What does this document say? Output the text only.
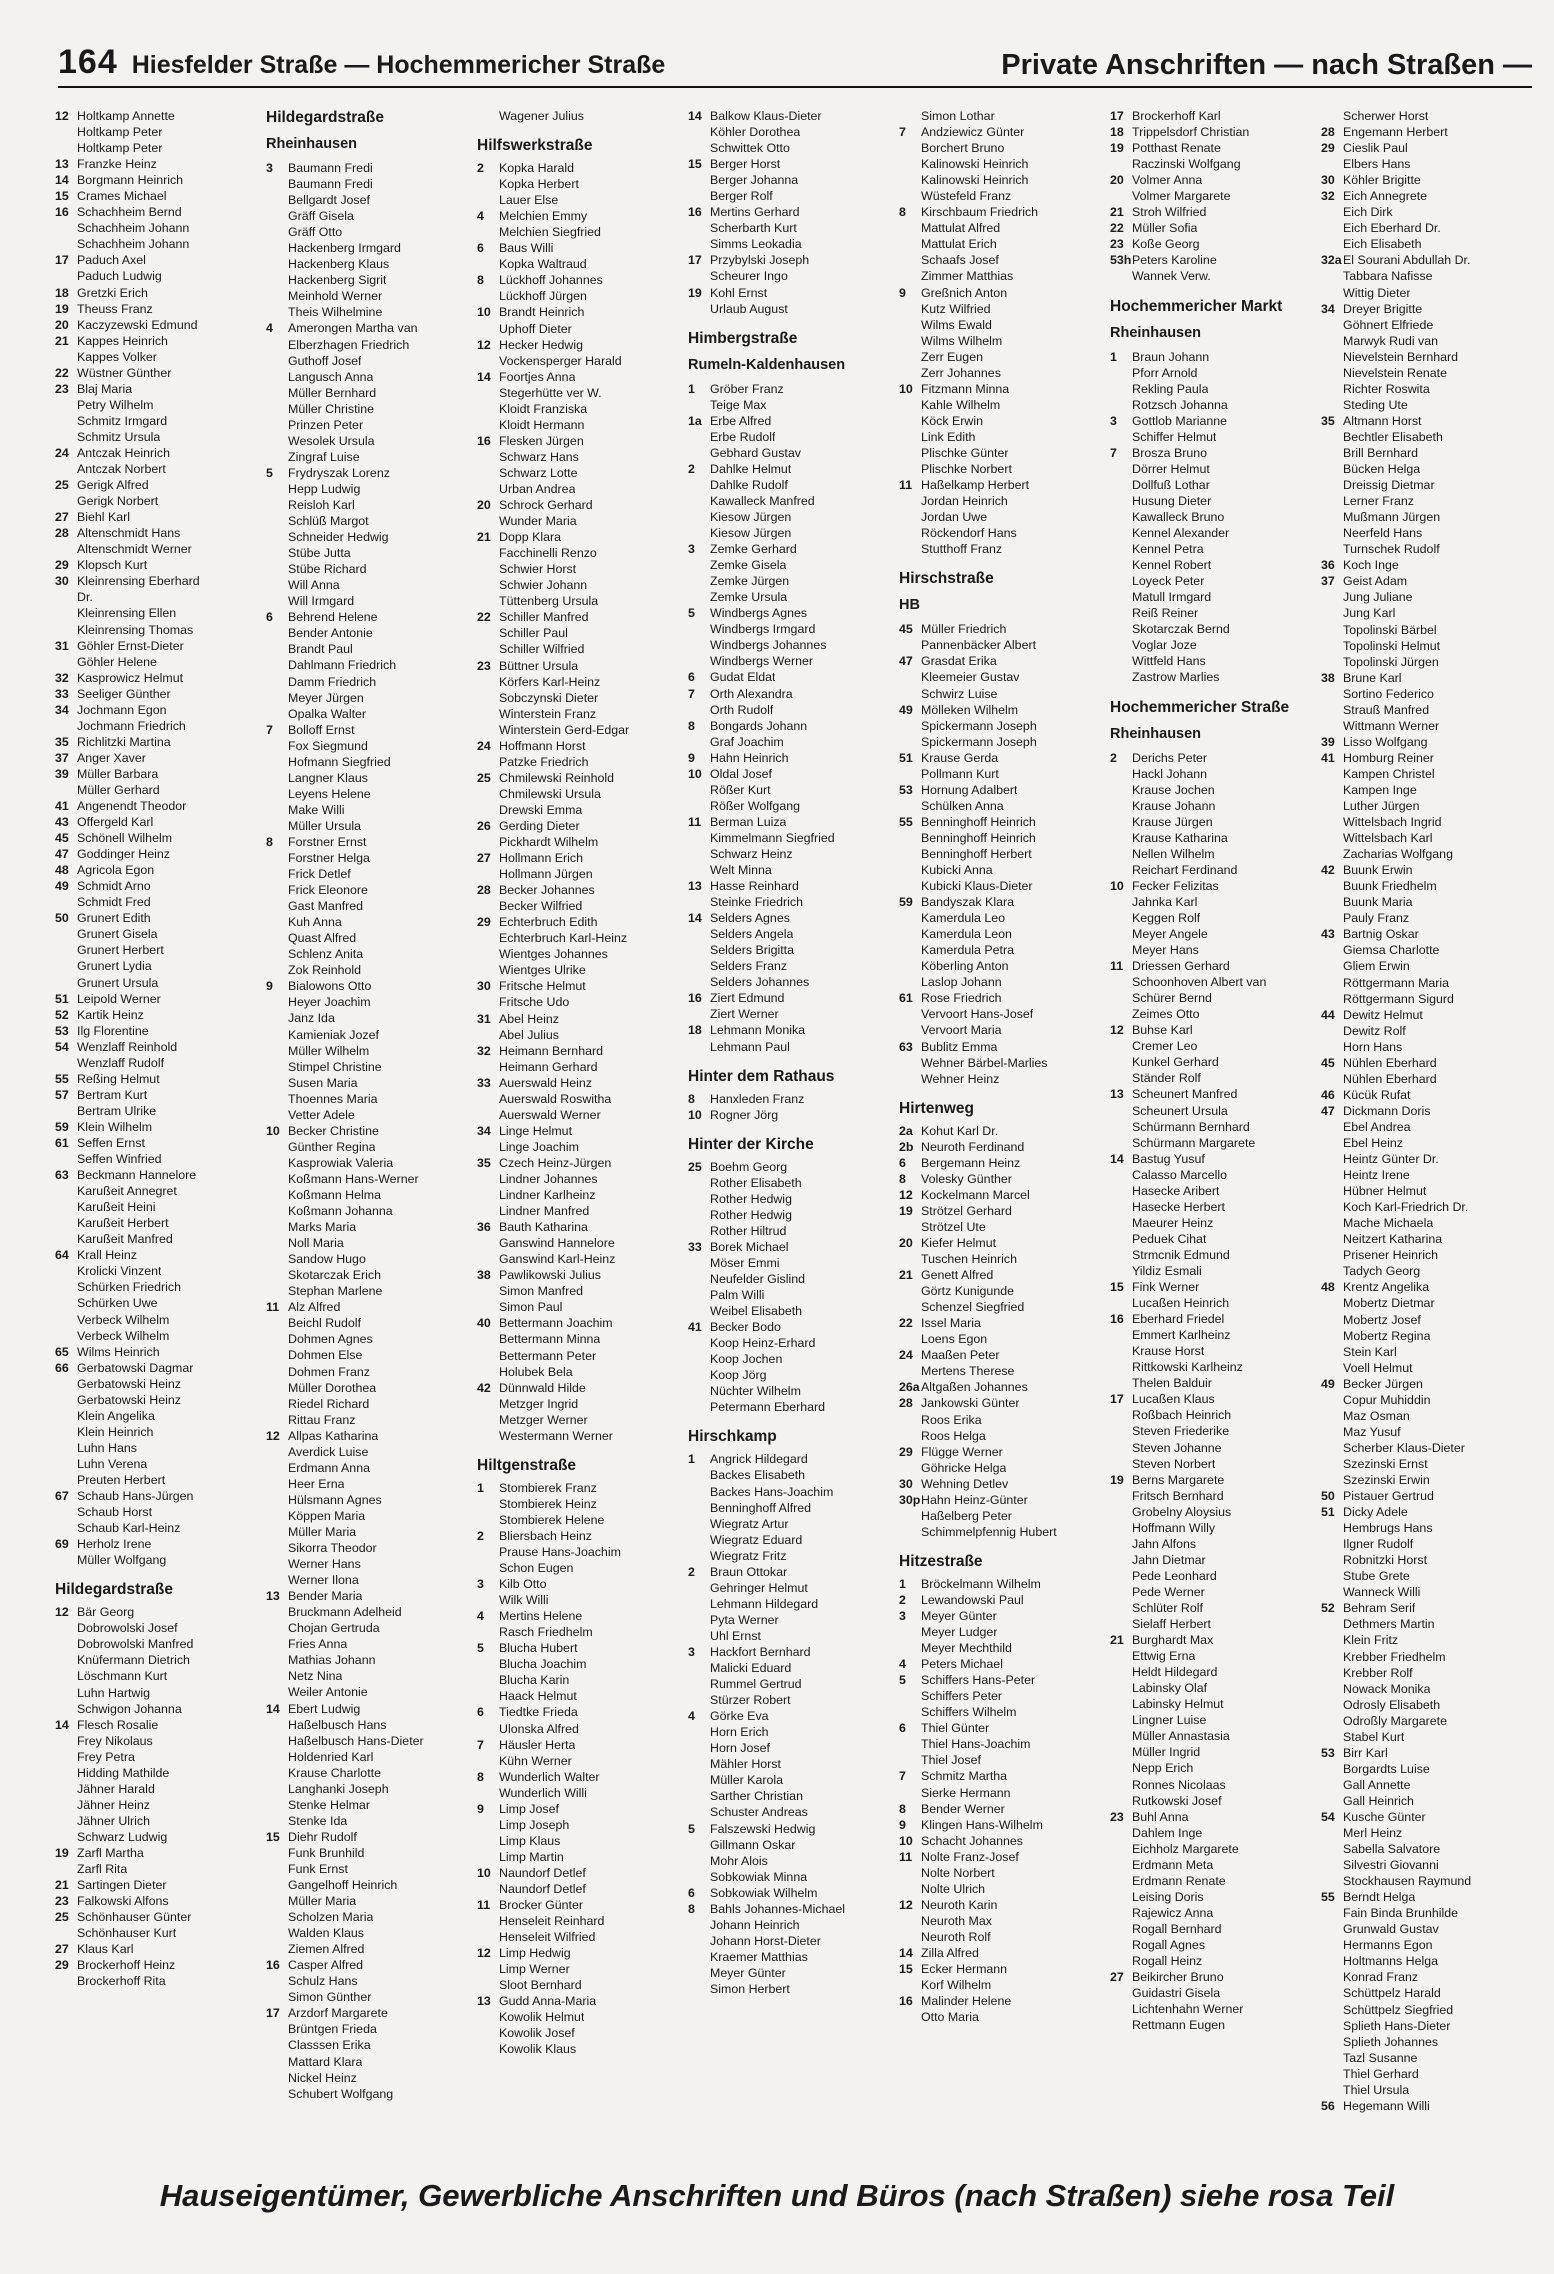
164 Hiesfelder Straße — Hochemmericher Straße	Private Anschriften — nach Straßen —
12 Holtkamp Annette
Holtkamp Peter
Holtkamp Peter
13 Franzke Heinz
14 Borgmann Heinrich
15 Crames Michael
16 Schachheim Bernd
Schachheim Johann
Schachheim Johann
17 Paduch Axel
Paduch Ludwig
18 Gretzki Erich
19 Theuss Franz
20 Kaczyzewski Edmund
21 Kappes Heinrich
Kappes Volker
22 Wüstner Günther
23 Blaj Maria
Petry Wilhelm
Schmitz Irmgard
Schmitz Ursula
24 Antczak Heinrich
Antczak Norbert
25 Gerigk Alfred
Gerigk Norbert
27 Biehl Karl
28 Altenschmidt Hans
Altenschmidt Werner
29 Klopsch Kurt
30 Kleinrensing Eberhard
Dr.
Kleinrensing Ellen
Kleinrensing Thomas
31 Göhler Ernst-Dieter
Göhler Helene
32 Kasprowicz Helmut
33 Seeliger Günther
34 Jochmann Egon
Jochmann Friedrich
35 Richlitzki Martina
37 Anger Xaver
39 Müller Barbara
Müller Gerhard
41 Angenendt Theodor
43 Offergeld Karl
45 Schönell Wilhelm
47 Goddinger Heinz
48 Agricola Egon
49 Schmidt Arno
Schmidt Fred
50 Grunert Edith
Grunert Gisela
Grunert Herbert
Grunert Lydia
Grunert Ursula
51 Leipold Werner
52 Kartik Heinz
53 Ilg Florentine
54 Wenzlaff Reinhold
Wenzlaff Rudolf
55 Reßing Helmut
57 Bertram Kurt
Bertram Ulrike
59 Klein Wilhelm
61 Seffen Ernst
Seffen Winfried
63 Beckmann Hannelore
Karußeit Annegret
Karußeit Heini
Karußeit Herbert
Karußeit Manfred
64 Krall Heinz
Krolicki Vinzent
Schürken Friedrich
Schürken Uwe
Verbeck Wilhelm
Verbeck Wilhelm
65 Wilms Heinrich
66 Gerbatowski Dagmar
Gerbatowski Heinz
Gerbatowski Heinz
Klein Angelika
Klein Heinrich
Luhn Hans
Luhn Verena
Preuten Herbert
67 Schaub Hans-Jürgen
Schaub Horst
Schaub Karl-Heinz
69 Herholz Irene
Müller Wolfgang
Hildegardstraße
12 Bär Georg
Dobrowolski Josef
Dobrowolski Manfred
Knüfermann Dietrich
Löschmann Kurt
Luhn Hartwig
Schwigon Johanna
14 Flesch Rosalie
Frey Nikolaus
Frey Petra
Hidding Mathilde
Jähner Harald
Jähner Heinz
Jähner Ulrich
Schwarz Ludwig
19 Zarfl Martha
Zarfl Rita
21 Sartingen Dieter
23 Falkowski Alfons
25 Schönhauser Günter
Schönhauser Kurt
27 Klaus Karl
29 Brockerhoff Heinz
Brockerhoff Rita
Hildegardstraße
Rheinhausen
3	Baumann Fredi
Baumann Fredi
Bellgardt Josef
Gräff Gisela
Gräff Otto
Hackenberg Irmgard
Hackenberg Klaus
Hackenberg Sigrit
Meinhold Werner
Theis Wilhelmine
4	Amerongen Martha van
Elberzhagen Friedrich
Guthoff Josef
Langusch Anna
Müller Bernhard
Müller Christine
Prinzen Peter
Wesolek Ursula
Zingraf Luise
5	Frydryszak Lorenz
Hepp Ludwig
Reisloh Karl
Schlüß Margot
Schneider Hedwig
Stübe Jutta
Stübe Richard
Will Anna
Will Irmgard
6	Behrend Helene
Bender Antonie
Brandt Paul
Dahlmann Friedrich
Damm Friedrich
Meyer Jürgen
Opalka Walter
7	Bolloff Ernst
Fox Siegmund
Hofmann Siegfried
Langner Klaus
Leyens Helene
Make Willi
Müller Ursula
8	Forstner Ernst
Forstner Helga
Frick Detlef
Frick Eleonore
Gast Manfred
Kuh Anna
Quast Alfred
Schlenz Anita
Zok Reinhold
9	Bialowons Otto
Heyer Joachim
Janz Ida
Kamieniak Jozef
Müller Wilhelm
Stimpel Christine
Susen Maria
Thoennes Maria
Vetter Adele
10 Becker Christine
Günther Regina
Kasprowiak Valeria
Koßmann Hans-Werner
Koßmann Helma
Koßmann Johanna
Marks Maria
Noll Maria
Sandow Hugo
Skotarczak Erich
Stephan Marlene
11 Alz Alfred
Beichl Rudolf
Dohmen Agnes
Dohmen Else
Dohmen Franz
Müller Dorothea
Riedel Richard
Rittau Franz
12 Allpas Katharina
Averdick Luise
Erdmann Anna
Heer Erna
Hülsmann Agnes
Köppen Maria
Müller Maria
Sikorra Theodor
Werner Hans
Werner Ilona
13 Bender Maria
Bruckmann Adelheid
Chojan Gertruda
Fries Anna
Mathias Johann
Netz Nina
Weiler Antonie
14 Ebert Ludwig
Haßelbusch Hans
Haßelbusch Hans-Dieter
Holdenried Karl
Krause Charlotte
Langhanki Joseph
Stenke Helmar
Stenke Ida
15 Diehr Rudolf
Funk Brunhild
Funk Ernst
Gangelhoff Heinrich
Müller Maria
Scholzen Maria
Walden Klaus
Ziemen Alfred
16 Casper Alfred
Schulz Hans
Simon Günther
17 Arzdorf Margarete
Brüntgen Frieda
Classsen Erika
Mattard Klara
Nickel Heinz
Schubert Wolfgang
Wagener Julius
Hilfswerkstraße
2	Kopka Harald
Kopka Herbert
Lauer Else
4	Melchien Emmy
Melchien Siegfried
6	Baus Willi
Kopka Waltraud
8	Lückhoff Johannes
Lückhoff Jürgen
10 Brandt Heinrich
Uphoff Dieter
12 Hecker Hedwig
Vockensperger Harald
14 Foortjes Anna
Stegerhütte ver W.
Kloidt Franziska
Kloidt Hermann
16 Flesken Jürgen
Schwarz Hans
Schwarz Lotte
Urban Andrea
20 Schrock Gerhard
Wunder Maria
21 Dopp Klara
Facchinelli Renzo
Schwier Horst
Schwier Johann
Tüttenberg Ursula
22 Schiller Manfred
Schiller Paul
Schiller Wilfried
23 Büttner Ursula
Körfers Karl-Heinz
Sobczynski Dieter
Winterstein Franz
Winterstein Gerd-Edgar
24 Hoffmann Horst
Patzke Friedrich
25 Chmilewski Reinhold
Chmilewski Ursula
Drewski Emma
26 Gerding Dieter
Pickhardt Wilhelm
27 Hollmann Erich
Hollmann Jürgen
28 Becker Johannes
Becker Wilfried
29 Echterbruch Edith
Echterbruch Karl-Heinz
Wientges Johannes
Wientges Ulrike
30 Fritsche Helmut
Fritsche Udo
31 Abel Heinz
Abel Julius
32 Heimann Bernhard
Heimann Gerhard
33 Auerswald Heinz
Auerswald Roswitha
Auerswald Werner
34 Linge Helmut
Linge Joachim
35 Czech Heinz-Jürgen
Lindner Johannes
Lindner Karlheinz
Lindner Manfred
36 Bauth Katharina
Ganswind Hannelore
Ganswind Karl-Heinz
38 Pawlikowski Julius
Simon Manfred
Simon Paul
40 Bettermann Joachim
Bettermann Minna
Bettermann Peter
Holubek Bela
42 Dünnwald Hilde
Metzger Ingrid
Metzger Werner
Westermann Werner
Hiltgenstraße
1	Stombierek Franz
Stombierek Heinz
Stombierek Helene
2	Bliersbach Heinz
Prause Hans-Joachim
Schon Eugen
3	Kilb Otto
Wilk Willi
4	Mertins Helene
Rasch Friedhelm
5	Blucha Hubert
Blucha Joachim
Blucha Karin
Haack Helmut
6	Tiedtke Frieda
Ulonska Alfred
7	Häusler Herta
Kühn Werner
8	Wunderlich Walter
Wunderlich Willi
9	Limp Josef
Limp Joseph
Limp Klaus
Limp Martin
10 Naundorf Detlef
Naundorf Detlef
11 Brocker Günter
Henseleit Reinhard
Henseleit Wilfried
12 Limp Hedwig
Limp Werner
Sloot Bernhard
13 Gudd Anna-Maria
Kowolik Helmut
Kowolik Josef
Kowolik Klaus
14 Balkow Klaus-Dieter
Köhler Dorothea
Schwittek Otto
15 Berger Horst
Berger Johanna
Berger Rolf
16 Mertins Gerhard
Scherbarth Kurt
Simms Leokadia
17 Przybylski Joseph
Scheurer Ingo
19 Kohl Ernst
Urlaub August
Himbergstraße
Rumeln-Kaldenhausen
1	Gröber Franz
Teige Max
1a Erbe Alfred
Erbe Rudolf
Gebhard Gustav
2	Dahlke Helmut
Dahlke Rudolf
Kawalleck Manfred
Kiesow Jürgen
Kiesow Jürgen
3	Zemke Gerhard
Zemke Gisela
Zemke Jürgen
Zemke Ursula
5	Windbergs Agnes
Windbergs Irmgard
Windbergs Johannes
Windbergs Werner
6	Gudat Eldat
7	Orth Alexandra
Orth Rudolf
8	Bongards Johann
Graf Joachim
9	Hahn Heinrich
10 Oldal Josef
Rößer Kurt
Rößer Wolfgang
11 Berman Luiza
Kimmelmann Siegfried
Schwarz Heinz
Welt Minna
13 Hasse Reinhard
Steinke Friedrich
14 Selders Agnes
Selders Angela
Selders Brigitta
Selders Franz
Selders Johannes
16 Ziert Edmund
Ziert Werner
18 Lehmann Monika
Lehmann Paul
Hinter dem Rathaus
8	Hanxleden Franz
10 Rogner Jörg
Hinter der Kirche
25 Boehm Georg
Rother Elisabeth
Rother Hedwig
Rother Hedwig
Rother Hiltrud
33 Borek Michael
Möser Emmi
Neufelder Gislind
Palm Willi
Weibel Elisabeth
41 Becker Bodo
Koop Heinz-Erhard
Koop Jochen
Koop Jörg
Nüchter Wilhelm
Petermann Eberhard
Hirschkamp
1	Angrick Hildegard
Backes Elisabeth
Backes Hans-Joachim
Benninghoff Alfred
Wiegratz Artur
Wiegratz Eduard
Wiegratz Fritz
2	Braun Ottokar
Gehringer Helmut
Lehmann Hildegard
Pyta Werner
Uhl Ernst
3	Hackfort Bernhard
Malicki Eduard
Rummel Gertrud
Stürzer Robert
4	Görke Eva
Horn Erich
Horn Josef
Mähler Horst
Müller Karola
Sarther Christian
Schuster Andreas
5	Falszewski Hedwig
Gillmann Oskar
Mohr Alois
Sobkowiak Minna
6	Sobkowiak Wilhelm
8	Bahls Johannes-Michael
Johann Heinrich
Johann Horst-Dieter
Kraemer Matthias
Meyer Günter
Simon Herbert
Simon Lothar
7	Andziewicz Günter
Borchert Bruno
Kalinowski Heinrich
Kalinowski Heinrich
Wüstefeld Franz
8	Kirschbaum Friedrich
Mattulat Alfred
Mattulat Erich
Schaafs Josef
Zimmer Matthias
9	Greßnich Anton
Kutz Wilfried
Wilms Ewald
Wilms Wilhelm
Zerr Eugen
Zerr Johannes
10 Fitzmann Minna
Kahle Wilhelm
Köck Erwin
Link Edith
Plischke Günter
Plischke Norbert
11 Haßelkamp Herbert
Jordan Heinrich
Jordan Uwe
Röckendorf Hans
Stutthoff Franz
Hirschstraße
HB
45 Müller Friedrich
Pannenbäcker Albert
47 Grasdat Erika
Kleemeier Gustav
Schwirz Luise
49 Mölleken Wilhelm
Spickermann Joseph
Spickermann Joseph
51 Krause Gerda
Pollmann Kurt
53 Hornung Adalbert
Schülken Anna
55 Benninghoff Heinrich
Benninghoff Heinrich
Benninghoff Herbert
Kubicki Anna
Kubicki Klaus-Dieter
59 Bandyszak Klara
Kamerdula Leo
Kamerdula Leon
Kamerdula Petra
Köberling Anton
Laslop Johann
61 Rose Friedrich
Vervoort Hans-Josef
Vervoort Maria
63 Bublitz Emma
Wehner Bärbel-Marlies
Wehner Heinz
Hirtenweg
2a Kohut Karl Dr.
2b Neuroth Ferdinand
6	Bergemann Heinz
8	Volesky Günther
12 Kockelmann Marcel
19 Strötzel Gerhard
Strötzel Ute
20 Kiefer Helmut
Tuschen Heinrich
21 Genett Alfred
Görtz Kunigunde
Schenzel Siegfried
22 Issel Maria
Loens Egon
24 Maaßen Peter
Mertens Therese
26a Altgaßen Johannes
28 Jankowski Günter
Roos Erika
Roos Helga
29 Flügge Werner
Göhricke Helga
30 Wehning Detlev
30p Hahn Heinz-Günter
Haßelberg Peter
Schimmelpfennig Hubert
Hitzestraße
1	Bröckelmann Wilhelm
2	Lewandowski Paul
3	Meyer Günter
Meyer Ludger
Meyer Mechthild
4	Peters Michael
5	Schiffers Hans-Peter
Schiffers Peter
Schiffers Wilhelm
6	Thiel Günter
Thiel Hans-Joachim
Thiel Josef
7	Schmitz Martha
Sierke Hermann
8	Bender Werner
9	Klingen Hans-Wilhelm
10 Schacht Johannes
11 Nolte Franz-Josef
Nolte Norbert
Nolte Ulrich
12 Neuroth Karin
Neuroth Max
Neuroth Rolf
14 Zilla Alfred
15 Ecker Hermann
Korf Wilhelm
16 Malinder Helene
Otto Maria
17 Brockerhoff Karl
18 Trippelsdorf Christian
19 Potthast Renate
Raczinski Wolfgang
20 Volmer Anna
Volmer Margarete
21 Stroh Wilfried
22 Müller Sofia
23 Koße Georg
53h Peters Karoline
Wannek Verw.
Hochemmericher Markt
Rheinhausen
1	Braun Johann
Pforr Arnold
Rekling Paula
Rotzsch Johanna
3	Gottlob Marianne
Schiffer Helmut
7	Brosza Bruno
Dörrer Helmut
Dollfuß Lothar
Husung Dieter
Kawalleck Bruno
Kennel Alexander
Kennel Petra
Kennel Robert
Loyeck Peter
Matull Irmgard
Reiß Reiner
Skotarczak Bernd
Voglar Joze
Wittfeld Hans
Zastrow Marlies
Hochemmericher Straße
Rheinhausen
2	Derichs Peter
Hackl Johann
Krause Jochen
Krause Johann
Krause Jürgen
Krause Katharina
Nellen Wilhelm
Reichart Ferdinand
10 Fecker Felizitas
Jahnka Karl
Keggen Rolf
Meyer Angele
Meyer Hans
11 Driessen Gerhard
Schoonhoven Albert van
Schürer Bernd
Zeimes Otto
12 Buhse Karl
Cremer Leo
Kunkel Gerhard
Ständer Rolf
13 Scheunert Manfred
Scheunert Ursula
Schürmann Bernhard
Schürmann Margarete
14 Bastug Yusuf
Calasso Marcello
Hasecke Aribert
Hasecke Herbert
Maeurer Heinz
Peduek Cihat
Strmcnik Edmund
Yildiz Esmali
15 Fink Werner
Lucaßen Heinrich
16 Eberhard Friedel
Emmert Karlheinz
Krause Horst
Rittkowski Karlheinz
Thelen Balduir
17 Lucaßen Klaus
Roßbach Heinrich
Steven Friederike
Steven Johanne
Steven Norbert
19 Berns Margarete
Fritsch Bernhard
Grobelny Aloysius
Hoffmann Willy
Jahn Alfons
Jahn Dietmar
Pede Leonhard
Pede Werner
Schlüter Rolf
Sielaff Herbert
21 Burghardt Max
Ettwig Erna
Heldt Hildegard
Labinsky Olaf
Labinsky Helmut
Lingner Luise
Müller Annastasia
Müller Ingrid
Nepp Erich
Ronnes Nicolaas
Rutkowski Josef
23 Buhl Anna
Dahlem Inge
Eichholz Margarete
Erdmann Meta
Erdmann Renate
Leising Doris
Rajewicz Anna
Rogall Bernhard
Rogall Agnes
Rogall Heinz
27 Beikircher Bruno
Guidastri Gisela
Lichtenhahn Werner
Rettmann Eugen
Scherwer Horst
28 Engemann Herbert
29 Cieslik Paul
Elbers Hans
30 Köhler Brigitte
32 Eich Annegrete
Eich Dirk
Eich Eberhard Dr.
Eich Elisabeth
32a El Sourani Abdullah Dr.
Tabbara Nafisse
Wittig Dieter
34 Dreyer Brigitte
Göhnert Elfriede
Marwyk Rudi van
Nievelstein Bernhard
Nievelstein Renate
Richter Roswita
Steding Ute
35 Altmann Horst
Bechtler Elisabeth
Brill Bernhard
Bücken Helga
Dreissig Dietmar
Lerner Franz
Mußmann Jürgen
Neerfeld Hans
Turnschek Rudolf
36 Koch Inge
37 Geist Adam
Jung Juliane
Jung Karl
Topolinski Bärbel
Topolinski Helmut
Topolinski Jürgen
38 Brune Karl
Sortino Federico
Strauß Manfred
Wittmann Werner
39 Lisso Wolfgang
41 Homburg Reiner
Kampen Christel
Kampen Inge
Luther Jürgen
Wittelsbach Ingrid
Wittelsbach Karl
Zacharias Wolfgang
42 Buunk Erwin
Buunk Friedhelm
Buunk Maria
Pauly Franz
43 Bartnig Oskar
Giemsa Charlotte
Gliem Erwin
Röttgermann Maria
Röttgermann Sigurd
44 Dewitz Helmut
Dewitz Rolf
Horn Hans
45 Nühlen Eberhard
Nühlen Eberhard
46 Kücük Rufat
47 Dickmann Doris
Ebel Andrea
Ebel Heinz
Heintz Günter Dr.
Heintz Irene
Hübner Helmut
Koch Karl-Friedrich Dr.
Mache Michaela
Neitzert Katharina
Prisener Heinrich
Tadych Georg
48 Krentz Angelika
Mobertz Dietmar
Mobertz Josef
Mobertz Regina
Stein Karl
Voell Helmut
49 Becker Jürgen
Copur Muhiddin
Maz Osman
Maz Yusuf
Scherber Klaus-Dieter
Szezinski Ernst
Szezinski Erwin
50 Pistauer Gertrud
51 Dicky Adele
Hembrugs Hans
Ilgner Rudolf
Robnitzki Horst
Stube Grete
Wanneck Willi
52 Behram Serif
Dethmers Martin
Klein Fritz
Krebber Friedhelm
Krebber Rolf
Nowack Monika
Odrosly Elisabeth
Odroßly Margarete
Stabel Kurt
53 Birr Karl
Borgardts Luise
Gall Annette
Gall Heinrich
54 Kusche Günter
Merl Heinz
Sabella Salvatore
Silvestri Giovanni
Stockhausen Raymund
55 Berndt Helga
Fain Binda Brunhilde
Grunwald Gustav
Hermanns Egon
Holtmanns Helga
Konrad Franz
Schüttpelz Harald
Schüttpelz Siegfried
Splieth Hans-Dieter
Splieth Johannes
Tazl Susanne
Thiel Gerhard
Thiel Ursula
56 Hegemann Willi
Hauseigentümer, Gewerbliche Anschriften und Büros (nach Straßen) siehe rosa Teil
